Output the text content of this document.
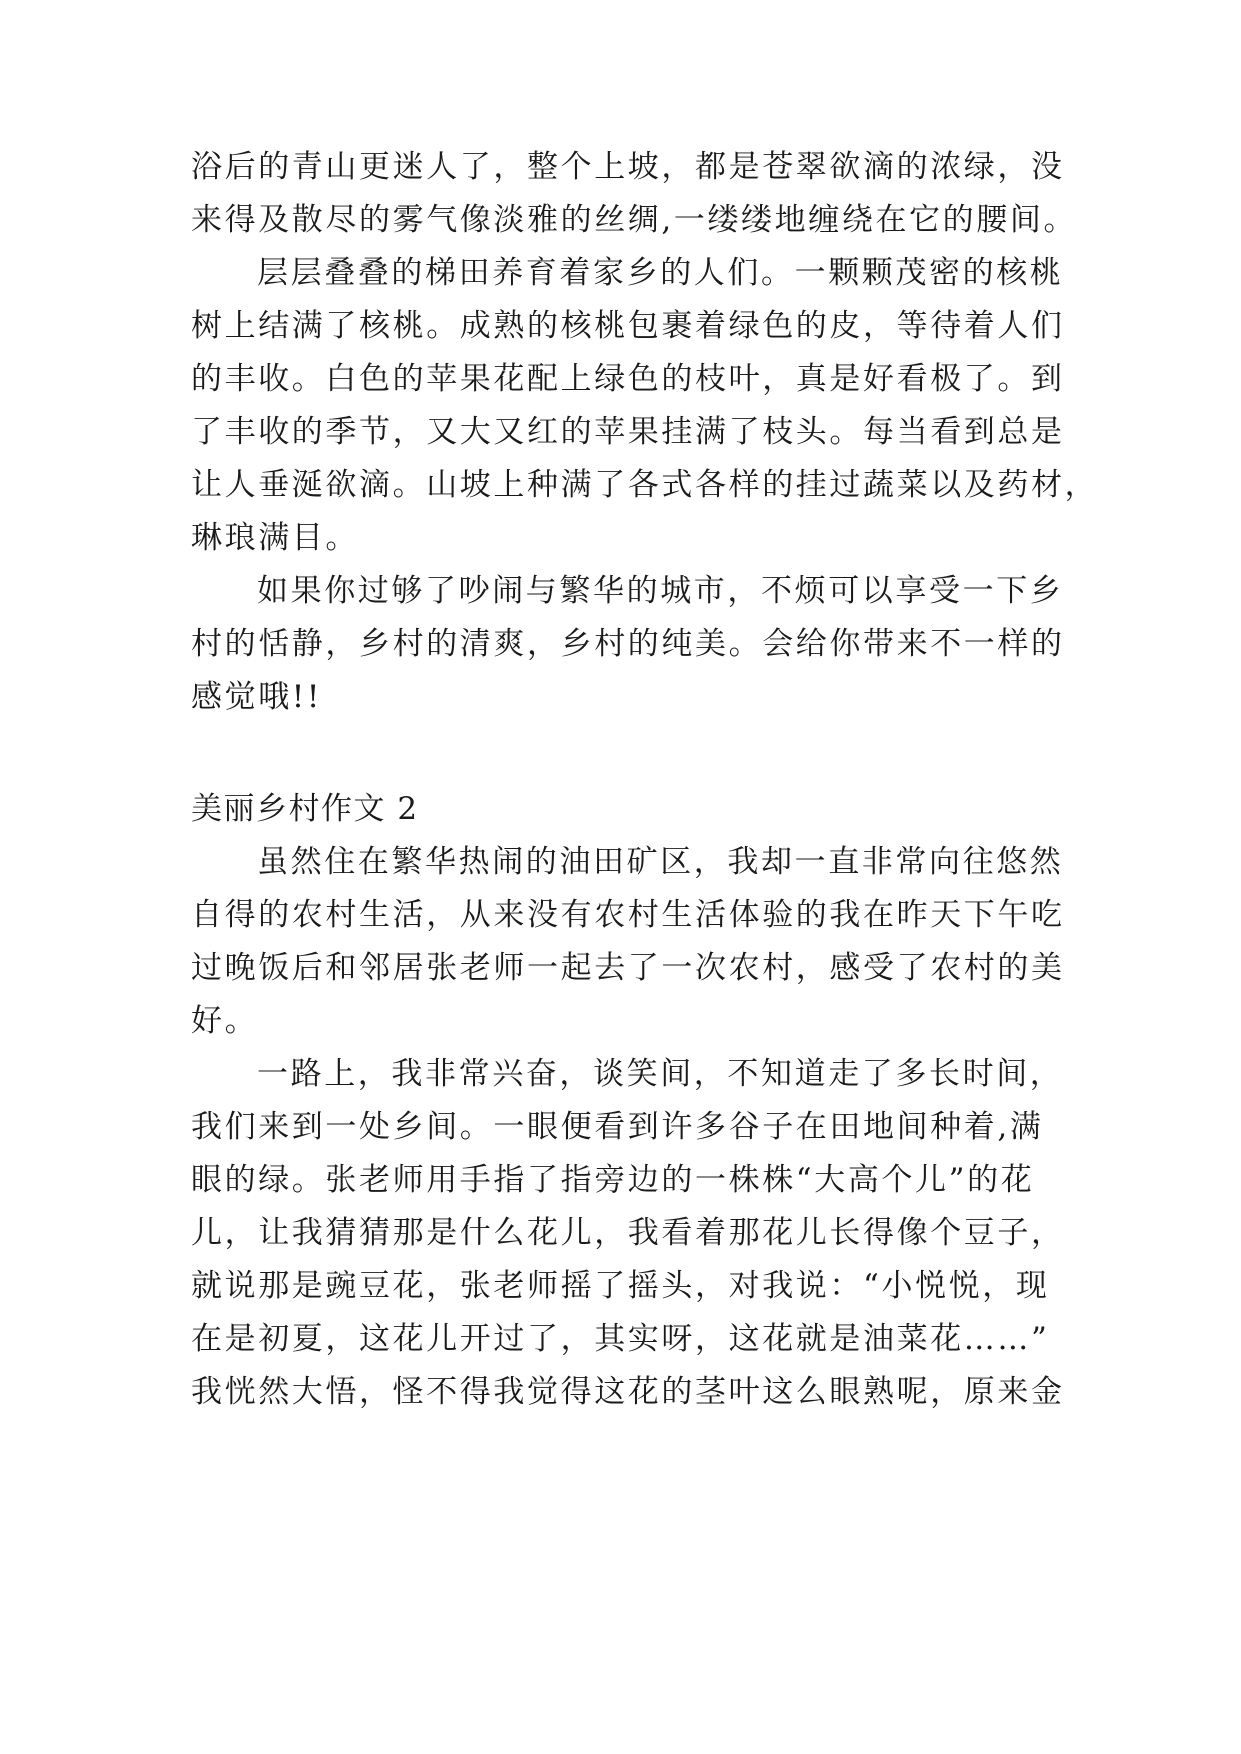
浴后的青山更迷人了，整个上坡，都是苍翠欲滴的浓绿，没
来得及散尽的雾气像淡雅的丝绸,一缕缕地缠绕在它的腰间。
层层叠叠的梯田养育着家乡的人们。一颗颗茂密的核桃
树上结满了核桃。成熟的核桃包裹着绿色的皮，等待着人们
的丰收。白色的苹果花配上绿色的枝叶，真是好看极了。到
了丰收的季节，又大又红的苹果挂满了枝头。每当看到总是
让人垂涎欲滴。山坡上种满了各式各样的挂过蔬菜以及药材，
琳琅满目。
如果你过够了吵闹与繁华的城市，不烦可以享受一下乡
村的恬静，乡村的清爽，乡村的纯美。会给你带来不一样的
感觉哦!!
美丽乡村作文 2
虽然住在繁华热闹的油田矿区，我却一直非常向往悠然
自得的农村生活，从来没有农村生活体验的我在昨天下午吃
过晚饭后和邻居张老师一起去了一次农村，感受了农村的美
好。
一路上，我非常兴奋，谈笑间，不知道走了多长时间，
我们来到一处乡间。一眼便看到许多谷子在田地间种着,满
眼的绿。张老师用手指了指旁边的一株株“大高个儿”的花
儿，让我猜猜那是什么花儿，我看着那花儿长得像个豆子，
就说那是豌豆花，张老师摇了摇头，对我说：“小悦悦，现
在是初夏，这花儿开过了，其实呀，这花就是油菜花……”
我恍然大悟，怪不得我觉得这花的茎叶这么眼熟呢，原来金
